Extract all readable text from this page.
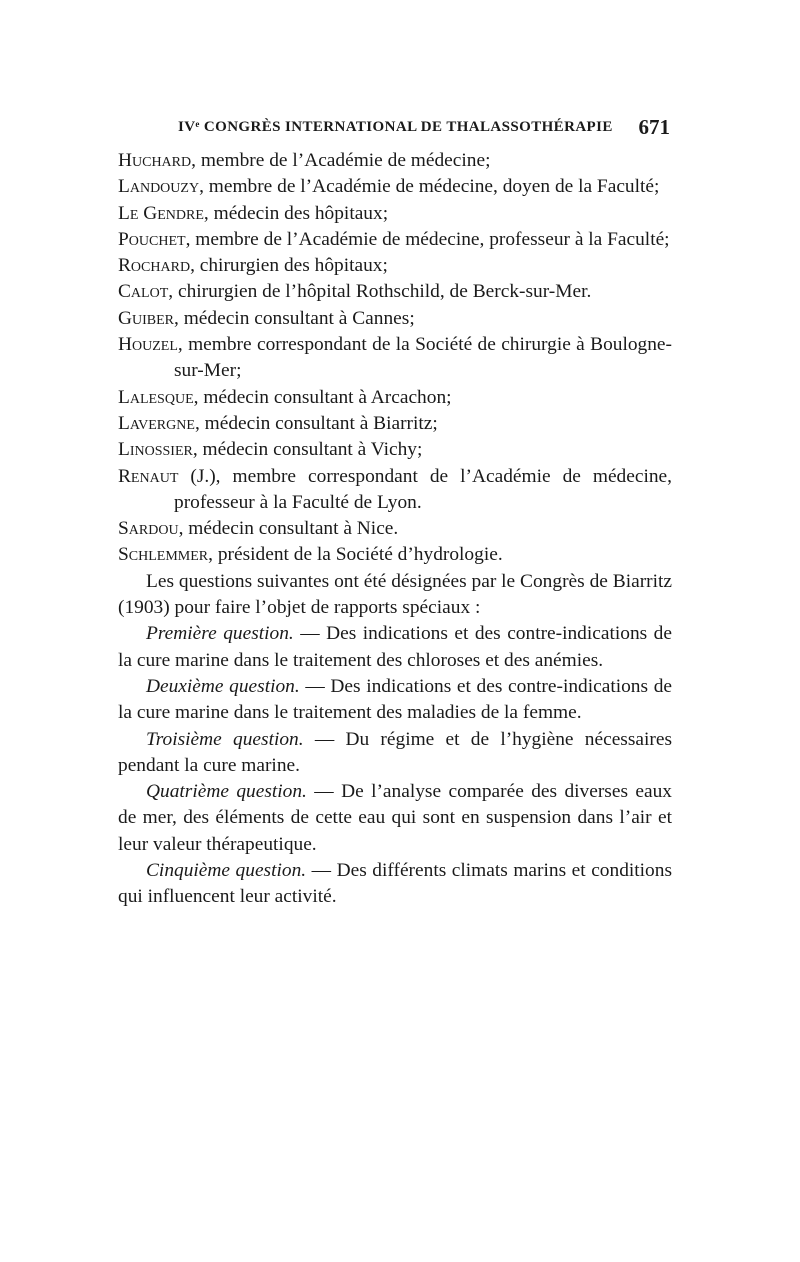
IVᵉ CONGRÈS INTERNATIONAL DE THALASSOTHÉRAPIE 671

Huchard, membre de l’Académie de médecine;

Landouzy, membre de l’Académie de médecine, doyen de la Faculté;

Le Gendre, médecin des hôpitaux;

Pouchet, membre de l’Académie de médecine, professeur à la Faculté;

Rochard, chirurgien des hôpitaux;

Calot, chirurgien de l’hôpital Rothschild, de Berck-sur-Mer.

Guiber, médecin consultant à Cannes;

Houzel, membre correspondant de la Société de chirurgie à Boulogne-sur-Mer;

Lalesque, médecin consultant à Arcachon;

Lavergne, médecin consultant à Biarritz;

Linossier, médecin consultant à Vichy;

Renaut (J.), membre correspondant de l’Académie de médecine, professeur à la Faculté de Lyon.

Sardou, médecin consultant à Nice.

Schlemmer, président de la Société d’hydrologie.

Les questions suivantes ont été désignées par le Congrès de Biarritz (1903) pour faire l’objet de rapports spéciaux :

Première question. — Des indications et des contre-indications de la cure marine dans le traitement des chloroses et des anémies.

Deuxième question. — Des indications et des contre-indications de la cure marine dans le traitement des maladies de la femme.

Troisième question. — Du régime et de l’hygiène nécessaires pendant la cure marine.

Quatrième question. — De l’analyse comparée des diverses eaux de mer, des éléments de cette eau qui sont en suspension dans l’air et leur valeur thérapeutique.

Cinquième question. — Des différents climats marins et conditions qui influencent leur activité.
